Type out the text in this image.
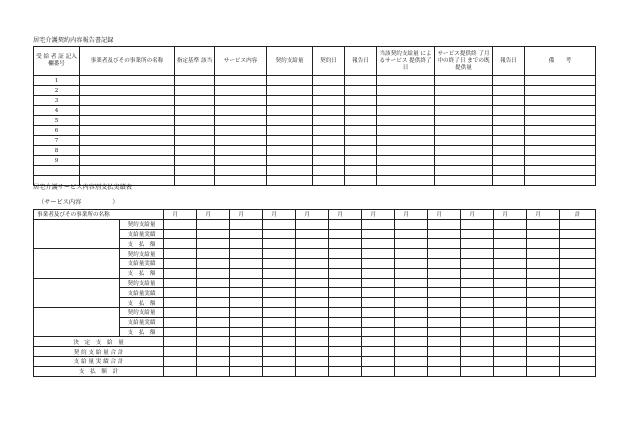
居宅介護契約内容報告書記録
受 給 者 証 記入欄番号	事業者及びその事業所の名称	指定基準 該当	サービス内容	契約支給量	契約日	報告日	当該契約支給量 によるサービス 提供終了日	サービス提供終 了月中の終了日 までの既提供量	報告日	備　　考
1										
2										
3										
4										
5										
6										
7										
8										
9										

居宅介護サービス内容別支払実績表
（サービス内容　　　　　）
事業者及びその事業所の名称		月	月	月	月	月	月	月	月	月	月	月	月	計
	契約支給量													
	支給量実績													
	支　払　額													
	契約支給量													
	支給量実績													
	支　払　額													
	契約支給量													
	支給量実績													
	支　払　額													
	契約支給量													
	支給量実績													
	支　払　額													
決　定　支　給　量														
契 約 支 給 量 合 計														
支 給 量 実 績 合 計														
支　払　額　計														
